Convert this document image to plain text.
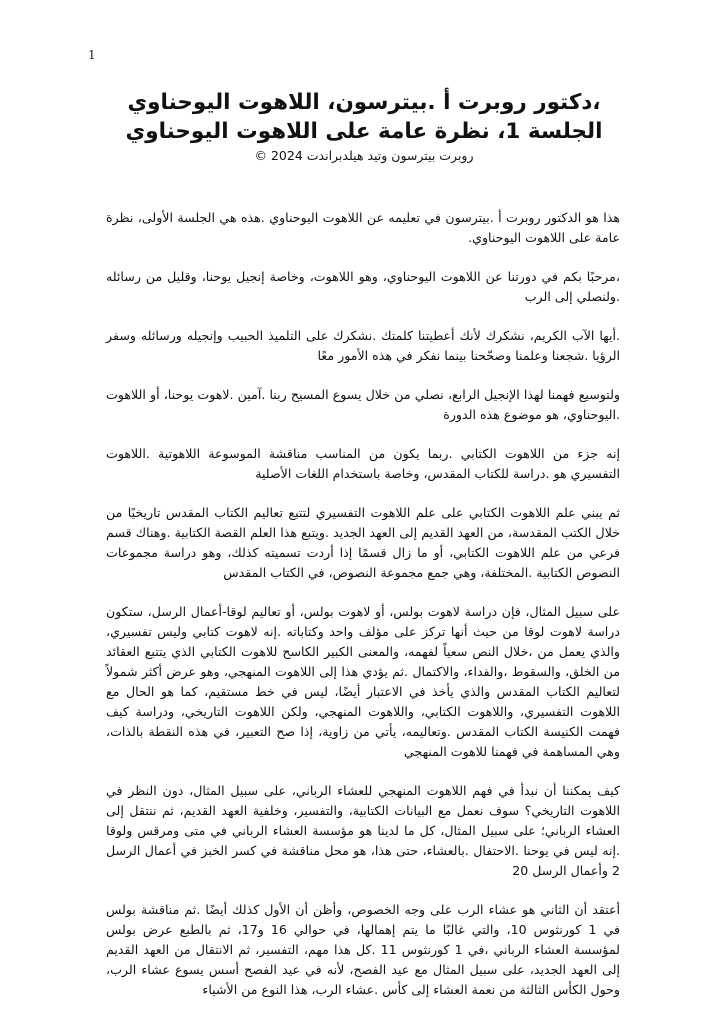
1
،دكتور روبرت أ .بيترسون، اللاهوت اليوحناوي
الجلسة 1، نظرة عامة على اللاهوت اليوحناوي
روبرت بيترسون وتيد هيلدبراندت 2024 ©

هذا هو الدكتور روبرت أ .بيترسون في تعليمه عن اللاهوت اليوحناوي .هذه هي الجلسة الأولى، نظرة عامة على اللاهوت اليوحناوي.

،مرحبًا بكم في دورتنا عن اللاهوت اليوحناوي، وهو اللاهوت، وخاصة إنجيل يوحنا، وقليل من رسائله .ولنصلي إلى الرب

.أيها الآب الكريم، نشكرك لأنك أعطيتنا كلمتك .نشكرك على التلميذ الحبيب وإنجيله ورسائله وسفر الرؤيا .شجعنا وعلمنا وصحّحنا بينما نفكر في هذه الأمور معًا

ولتوسيع فهمنا لهذا الإنجيل الرابع، نصلي من خلال يسوع المسيح ربنا .آمين .لاهوت يوحنا، أو اللاهوت .اليوحناوي، هو موضوع هذه الدورة

إنه جزء من اللاهوت الكتابي .ربما يكون من المناسب مناقشة الموسوعة اللاهوتية .اللاهوت التفسيري هو .دراسة للكتاب المقدس، وخاصة باستخدام اللغات الأصلية

ثم يبني علم اللاهوت الكتابي على علم اللاهوت التفسيري لتتبع تعاليم الكتاب المقدس تاريخيًا من خلال الكتب المقدسة، من العهد القديم إلى العهد الجديد .ويتبع هذا العلم القصة الكتابية .وهناك قسم فرعي من علم اللاهوت الكتابي، أو ما زال قسمًا إذا أردت تسميته كذلك، وهو دراسة مجموعات النصوص الكتابية .المختلفة، وهي جمع مجموعة النصوص، في الكتاب المقدس

على سبيل المثال، فإن دراسة لاهوت بولس، أو لاهوت بولس، أو تعاليم لوقا-أعمال الرسل، ستكون دراسة لاهوت لوقا من حيث أنها تركز على مؤلف واحد وكتاباته .إنه لاهوت كتابي وليس تفسيري، والذي يعمل من ،خلال النص سعياً لفهمه، والمعنى الكبير الكاسح للاهوت الكتابي الذي يتتبع العقائد من الخلق، والسقوط ،والفداء، والاكتمال .ثم يؤدي هذا إلى اللاهوت المنهجي، وهو عرض أكثر شمولاً لتعاليم الكتاب المقدس والذي يأخذ في الاعتبار أيضًا، ليس في خط مستقيم، كما هو الحال مع اللاهوت التفسيري، واللاهوت الكتابي، واللاهوت المنهجي، ولكن اللاهوت التاريخي، ودراسة كيف فهمت الكنيسة الكتاب المقدس .وتعاليمه، يأتي من زاوية، إذا صح التعبير، في هذه النقطة بالذات، وهي المساهمة في فهمنا للاهوت المنهجي

كيف يمكننا أن نبدأ في فهم اللاهوت المنهجي للعشاء الرباني، على سبيل المثال، دون النظر في اللاهوت التاريخي؟ سوف نعمل مع البيانات الكتابية، والتفسير، وخلفية العهد القديم، ثم ننتقل إلى العشاء الرباني؛ على سبيل المثال، كل ما لدينا هو مؤسسة العشاء الرباني في متى ومرقس ولوقا .إنه ليس في يوحنا .الاحتفال .بالعشاء، حتى هذا، هو محل مناقشة في كسر الخبز في أعمال الرسل 2 وأعمال الرسل 20

أعتقد أن الثاني هو عشاء الرب على وجه الخصوص، وأظن أن الأول كذلك أيضًا .ثم مناقشة بولس في 1 كورنثوس 10، والتي غالبًا ما يتم إهمالها، في حوالي 16 و17، ثم بالطبع عرض بولس لمؤسسة العشاء الرباني ،في 1 كورنثوس 11 .كل هذا مهم، التفسير، ثم الانتقال من العهد القديم إلى العهد الجديد، على سبيل المثال مع عيد الفصح، لأنه في عيد الفصح أسس يسوع عشاء الرب، وحول الكأس الثالثة من نعمة العشاء إلى كأس .عشاء الرب، هذا النوع من الأشياء
